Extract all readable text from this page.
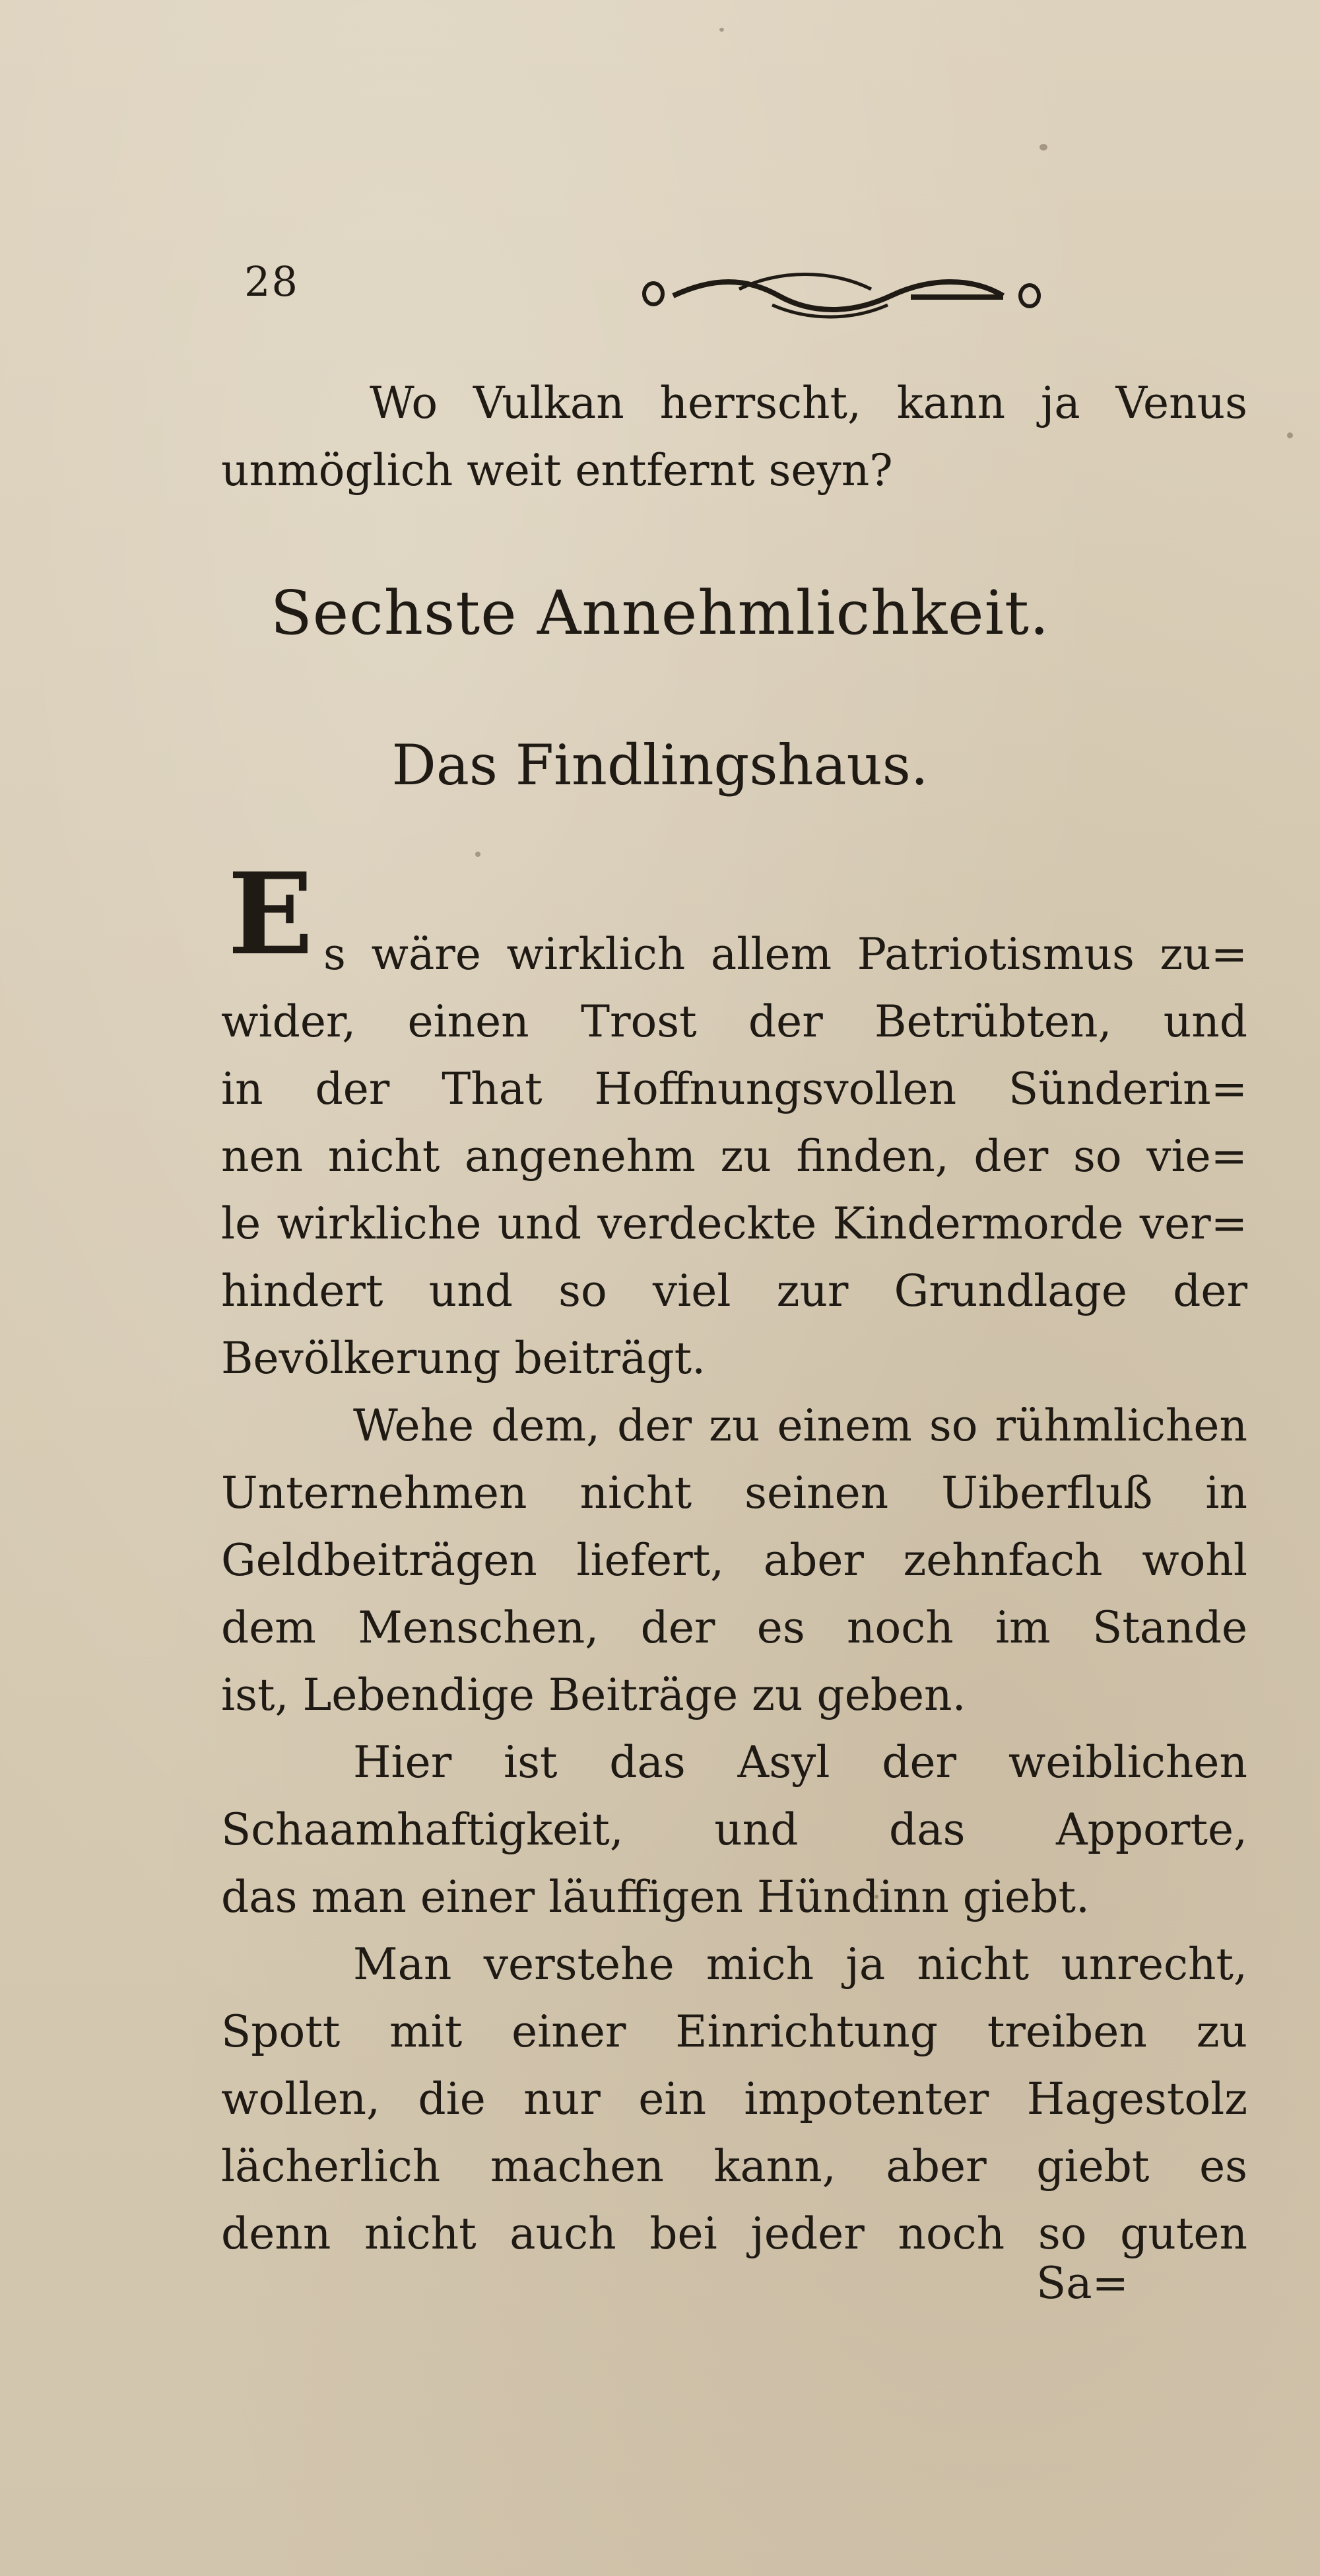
28
Wo Vulkan herrscht, kann ja Venus
unmöglich weit entfernt seyn?
Sechste Annehmlichkeit.
Das Findlingshaus.
E s wäre wirklich allem Patriotismus zu=
wider, einen Trost der Betrübten, und
in der That Hoffnungsvollen Sünderin=
nen nicht angenehm zu finden, der so vie=
le wirkliche und verdeckte Kindermorde ver=
hindert und so viel zur Grundlage der
Bevölkerung beiträgt.
Wehe dem, der zu einem so rühmlichen
Unternehmen nicht seinen Uiberfluß in
Geldbeiträgen liefert, aber zehnfach wohl
dem Menschen, der es noch im Stande
ist, Lebendige Beiträge zu geben.
Hier ist das Asyl der weiblichen
Schaamhaftigkeit, und das Apporte,
das man einer läuffigen Hündinn giebt.
Man verstehe mich ja nicht unrecht,
Spott mit einer Einrichtung treiben zu
wollen, die nur ein impotenter Hagestolz
lächerlich machen kann, aber giebt es
denn nicht auch bei jeder noch so guten
Sa=
